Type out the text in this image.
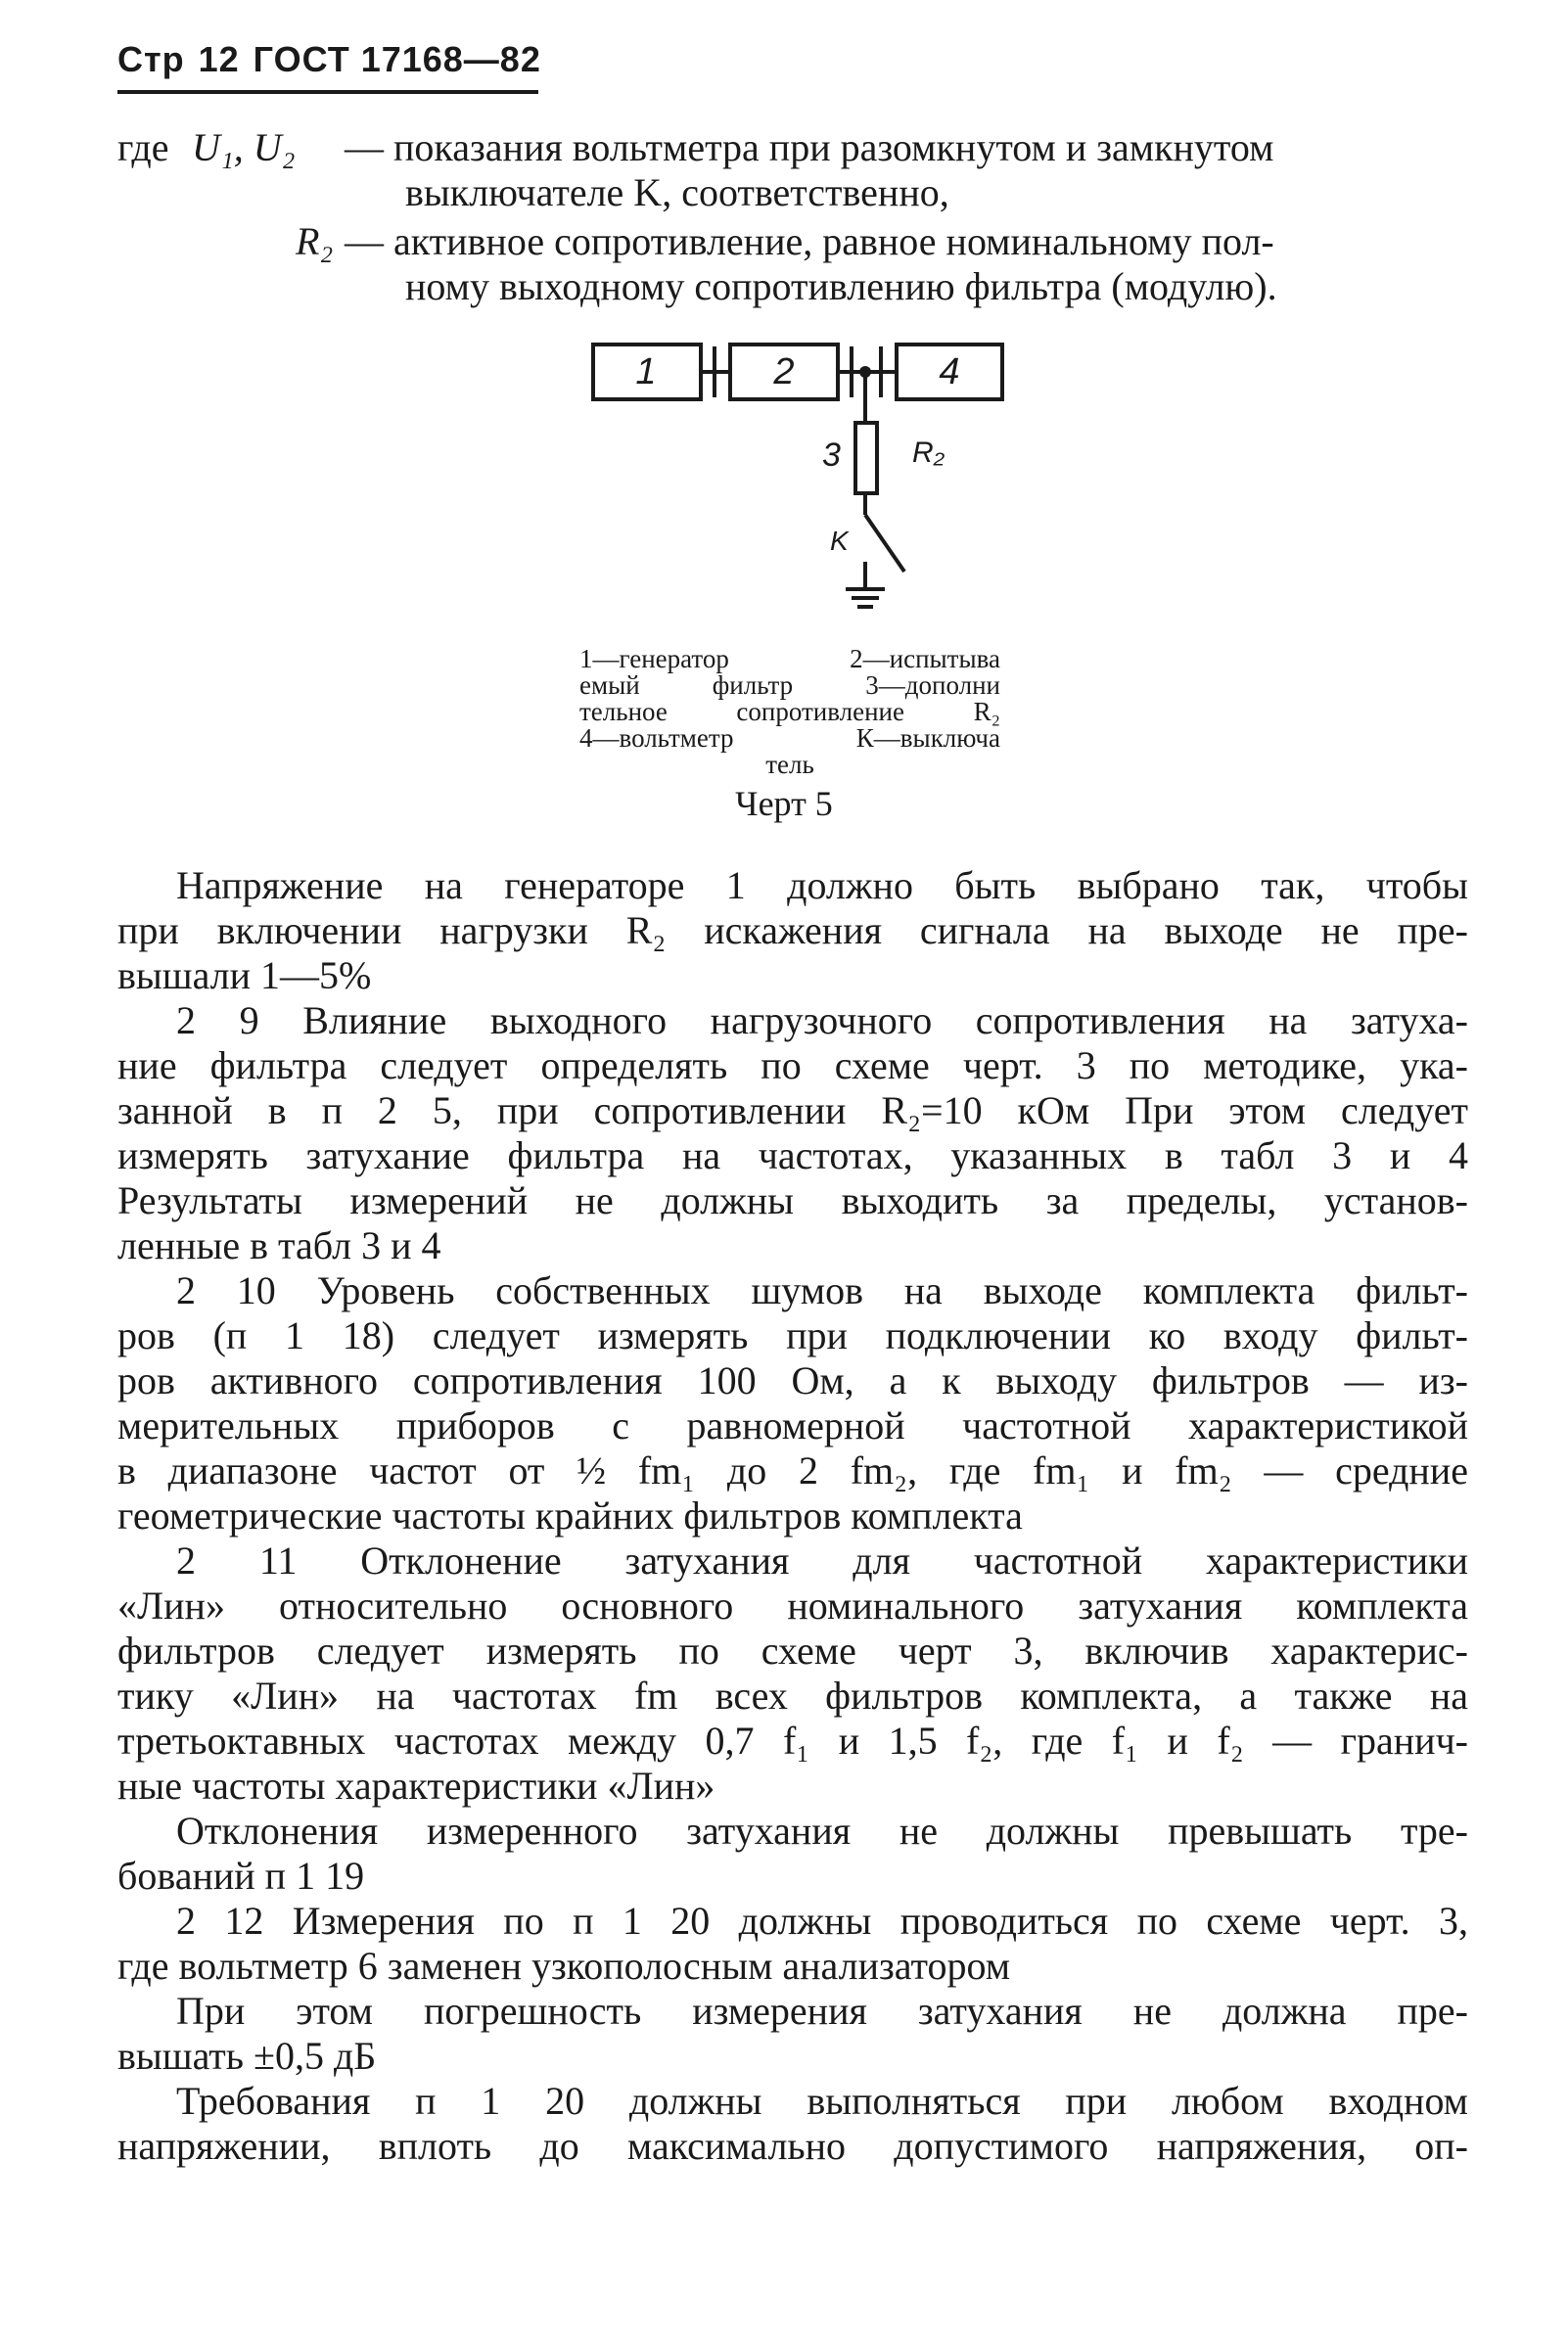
Стр 12 ГОСТ 17168—82
где U₁, U₂ — показания вольтметра при разомкнутом и замкнутом
выключателе K, соответственно,
R₂ — активное сопротивление, равное номинальному пол-
ному выходному сопротивлению фильтра (модулю).
1	2	4
3 R₂
K
1—генератор 2—испытыва
емый фильтр 3—дополни
тельное сопротивление R₂
4—вольтметр К—выключа
тель
Черт 5
Напряжение на генераторе 1 должно быть выбрано так, чтобы
при включении нагрузки R₂ искажения сигнала на выходе не пре-
вышали 1—5%
2 9 Влияние выходного нагрузочного сопротивления на затуха-
ние фильтра следует определять по схеме черт. 3 по методике, ука-
занной в п 2 5, при сопротивлении R₂=10 кОм При этом следует
измерять затухание фильтра на частотах, указанных в табл 3 и 4
Результаты измерений не должны выходить за пределы, установ-
ленные в табл 3 и 4
2 10 Уровень собственных шумов на выходе комплекта фильт-
ров (п 1 18) следует измерять при подключении ко входу фильт-
ров активного сопротивления 100 Ом, а к выходу фильтров — из-
мерительных приборов с равномерной частотной характеристикой
в диапазоне частот от ½ fm₁ до 2 fm₂, где fm₁ и fm₂ — средние
геометрические частоты крайних фильтров комплекта
2 11 Отклонение затухания для частотной характеристики
«Лин» относительно основного номинального затухания комплекта
фильтров следует измерять по схеме черт 3, включив характерис-
тику «Лин» на частотах fm всех фильтров комплекта, а также на
третьоктавных частотах между 0,7 f₁ и 1,5 f₂, где f₁ и f₂ — гранич-
ные частоты характеристики «Лин»
Отклонения измеренного затухания не должны превышать тре-
бований п 1 19
2 12 Измерения по п 1 20 должны проводиться по схеме черт. 3,
где вольтметр 6 заменен узкополосным анализатором
При этом погрешность измерения затухания не должна пре-
вышать ±0,5 дБ
Требования п 1 20 должны выполняться при любом входном
напряжении, вплоть до максимально допустимого напряжения, оп-
